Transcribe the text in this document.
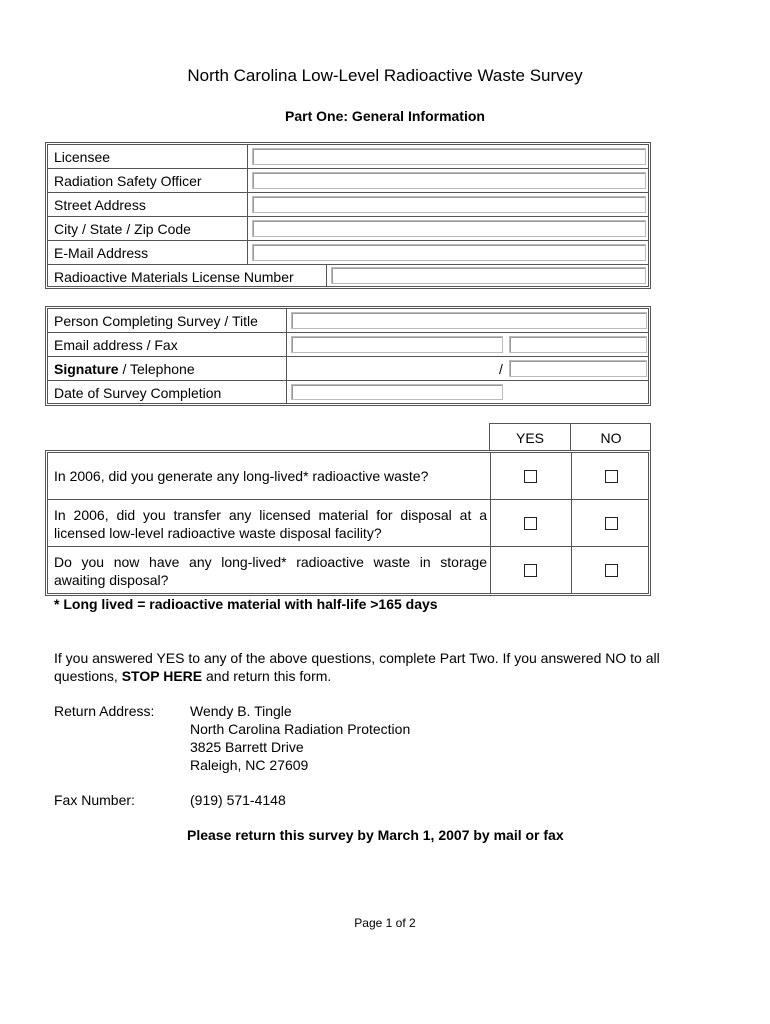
North Carolina Low-Level Radioactive Waste Survey
Part One: General Information
Licensee
Radiation Safety Officer
Street Address
City / State / Zip Code
E-Mail Address
Radioactive Materials License Number
Person Completing Survey / Title
Email address / Fax
Signature / Telephone	/
Date of Survey Completion
YES	NO
In 2006, did you generate any long-lived* radioactive waste?
In 2006, did you transfer any licensed material for disposal at a licensed low-level radioactive waste disposal facility?
Do you now have any long-lived* radioactive waste in storage awaiting disposal?
* Long lived = radioactive material with half-life >165 days
If you answered YES to any of the above questions, complete Part Two. If you answered NO to all
questions, STOP HERE and return this form.
Return Address:	Wendy B. Tingle
North Carolina Radiation Protection
3825 Barrett Drive
Raleigh, NC 27609
Fax Number:	(919) 571-4148
Please return this survey by March 1, 2007 by mail or fax
Page 1 of 2
